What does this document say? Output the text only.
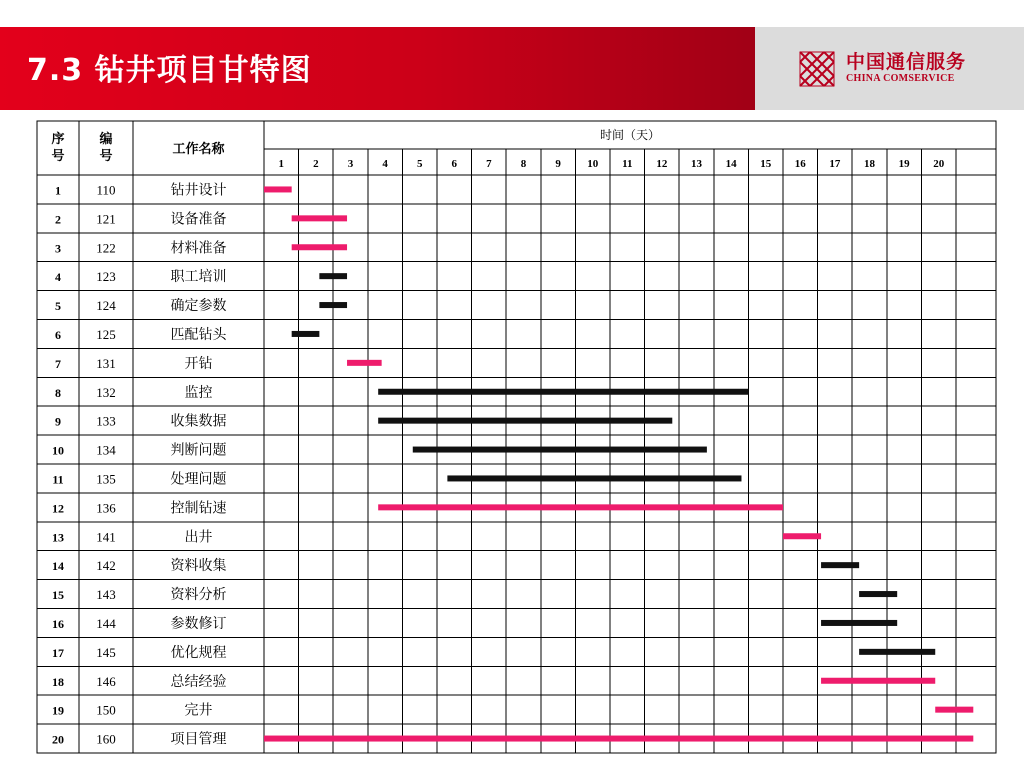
7.3 钻井项目甘特图	中国通信服务
CHINA COMSERVICE
序
号
编
号	工作名称
时间（天）
1	2	3	4	5	6	7	8	9 10 11 12 13 14 15 16 17 18 19 20
1	110	钻井设计
2	121	设备准备
3	122	材料准备
4	123	职工培训
5	124	确定参数
6	125	匹配钻头
7	131	开钻
8	132	监控
9	133	收集数据
10 134	判断问题
11	135	处理问题
12 136	控制钻速
13 141	出井
14 142	资料收集
15 143	资料分析
16 144	参数修订
17 145	优化规程
18 146	总结经验
19 150	完井
20 160	项目管理
